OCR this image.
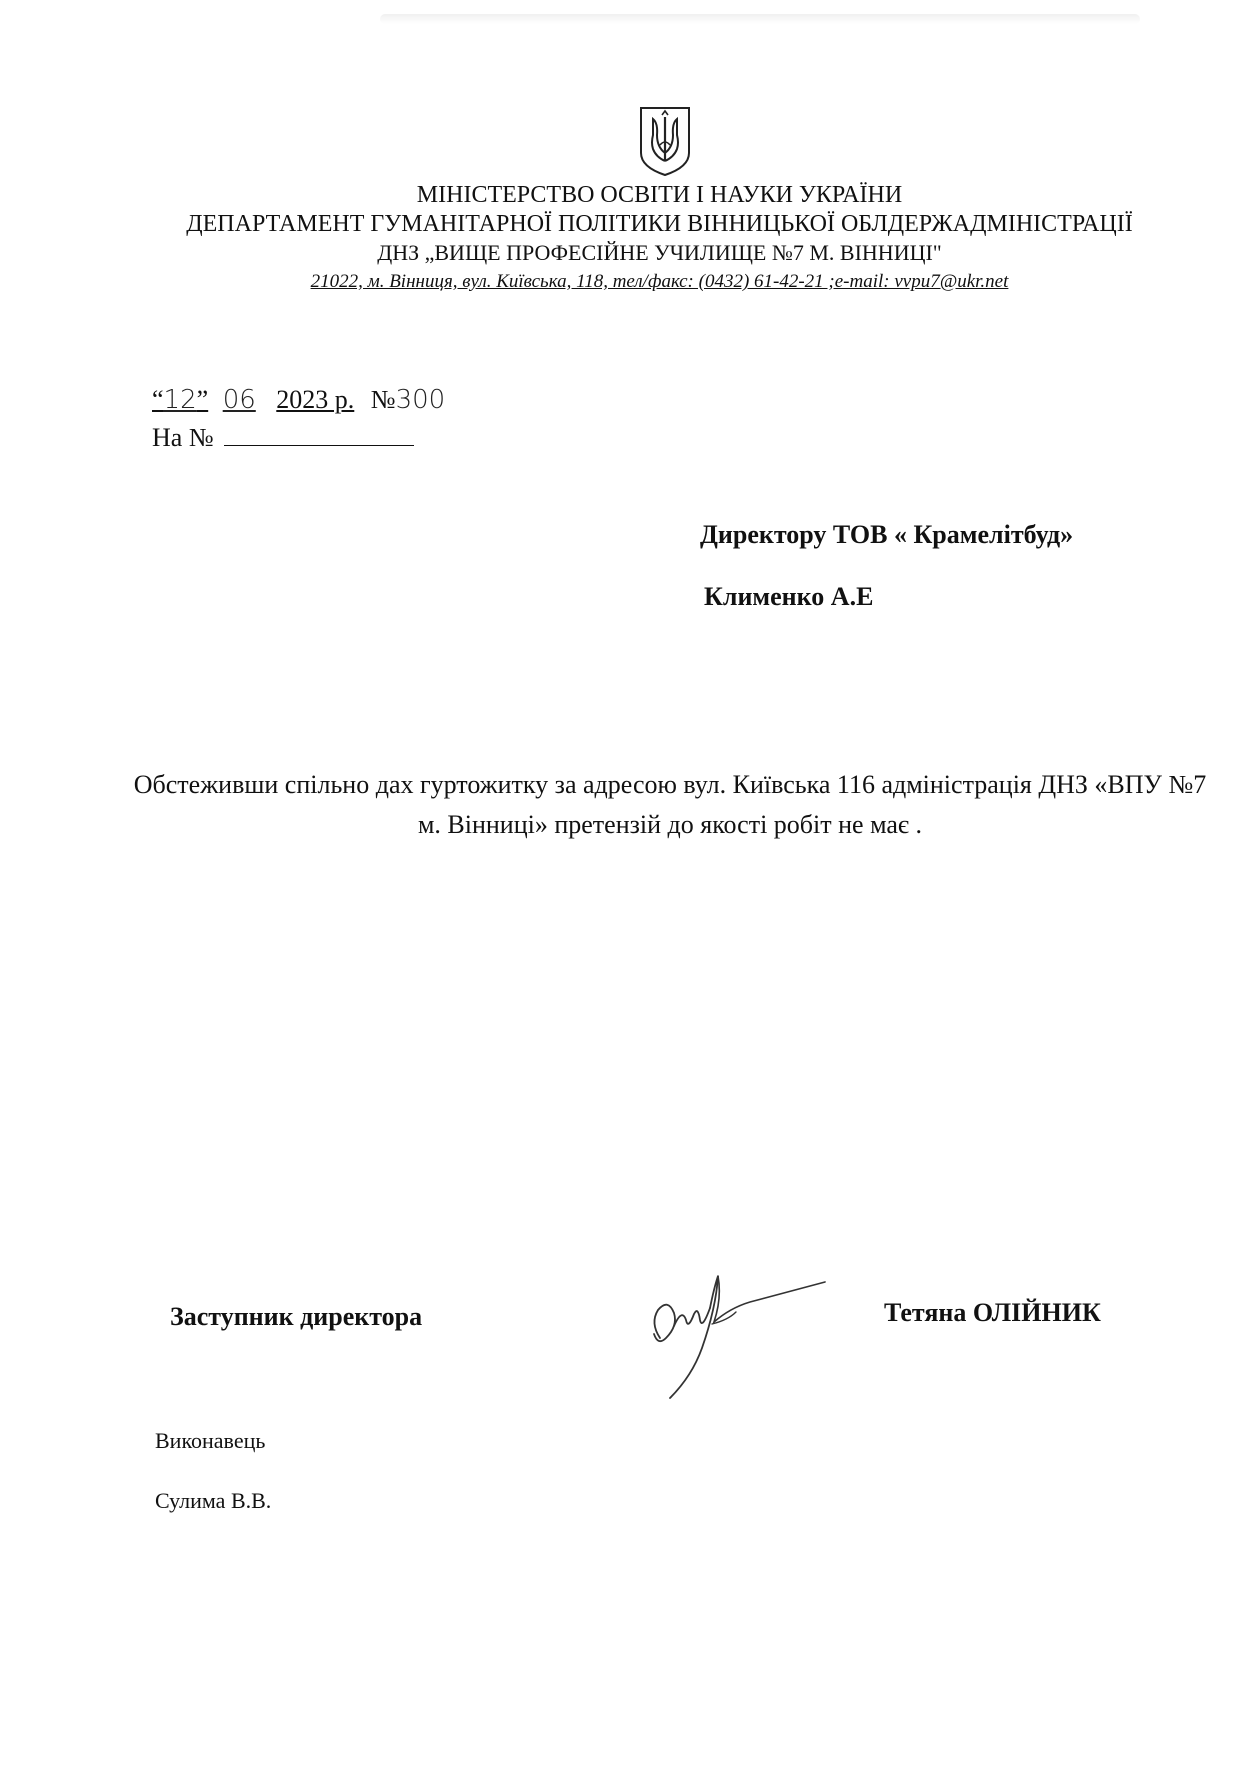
МІНІСТЕРСТВО ОСВІТИ І НАУКИ УКРАЇНИ
ДЕПАРТАМЕНТ ГУМАНІТАРНОЇ ПОЛІТИКИ ВІННИЦЬКОЇ ОБЛДЕРЖАДМІНІСТРАЦІЇ
ДНЗ „ВИЩЕ ПРОФЕСІЙНЕ УЧИЛИЩЕ №7 М. ВІННИЦІ"
21022, м. Вінниця, вул. Київська, 118, тел/факс: (0432) 61-42-21 ;e-mail: vvpu7@ukr.net
“12” 06 2023 р. №300
На №
Директору ТОВ « Крамелітбуд»
Клименко А.Е
Обстеживши спільно дах гуртожитку за адресою вул. Київська 116 адміністрація ДНЗ «ВПУ №7 м. Вінниці» претензій до якості робіт не має .
Заступник директора	Тетяна ОЛІЙНИК
Виконавець
Сулима В.В.
